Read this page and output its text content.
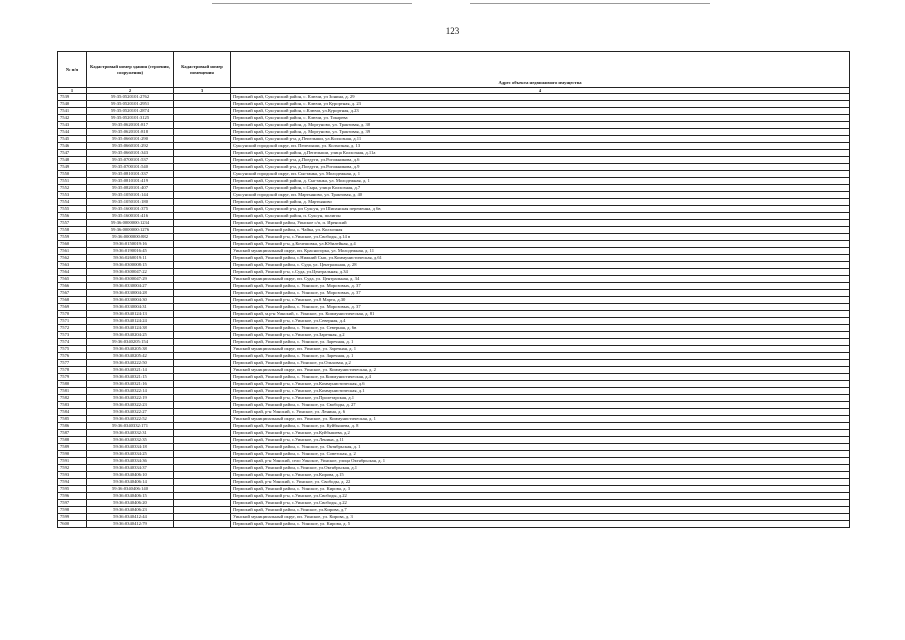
123
№ п/п	Кадастровый номер здания (строения, сооружения)	Кадастровый номер помещения	Адрес объекта недвижимого имущества
1	2	3	4
7539	59:35:0520101:2762		Пермский край, Суксунский район, с. Ключи, ул Зонина, д. 29
7540	59:35:0520101:2951		Пермский край, Суксунский район, с. Ключи, ул Курортная, д. 23
7541	59:35:0520101:2874		Пермский край, Суксунский район, с.Ключи, ул.Курортная, д.23
7542	59:35:0520101:3125		Пермский край, Суксунский район, с. Ключи, ул. Токарева
7543	59:35:0620101:817		Пермский край, Суксунский район, д. Моргуново, ул. Трактовая, д. 30
7544	59:35:0620101:818		Пермский край, Суксунский район, д. Моргуново, ул. Трактовая, д. 39
7545	59:35:0660101:290		Пермский край, Суксунский р-н, д.Пепелыши, ул.Колхозная, д.11
7546	59:35:0660101:292		Суксунский городской округ, пп. Пепелыши, ул. Колхозная, д. 13
7547	59:35:0660101:343		Пермский край, Суксунский район, д.Пепелыши, улица Колхозная, д.11а
7548	59:35:0700101:537		Пермский край, Суксунский р-н, д.Поедуги, ул.Рогожникова, д.6
7549	59:35:0700101:540		Пермский край, Суксунский р-н, д.Поедуги, ул.Рогожникова, д.9
7550	59:35:0810101:337		Суксунский городской округ, пп. Сыгтанка, ул. Молодежная, д. 1
7551	59:35:0810101:419		Пермский край, Суксунский район, д. Сыгтанка, ул. Молодежная, д. 1
7552	59:35:0820101:407		Пермский край, Суксунский район, с.Сыра, улица Колхозная, д.7
7553	59:35:1050101:144		Суксунский городской округ, пп. Мартьяново, ул. Трактовая, д. 40
7554	59:35:1050101:180		Пермский край, Суксунский район, д. Мартьяново
7555	59:35:1600101:375		Пермский край, Суксунский р-н, рп Суксун, ул Шипанская переменна, д 6в
7556	59:35:1600101:416		Пермский край, Суксунский район, п. Суксун, полигон
7557	59:36:0000000:1234		Пермский край, Уинский район, Уинское с/п, п. Иренский
7558	59:36:0000000:1276		Пермский край, Уинский район, с. Чайка, ул. Колхозная
7559	59:36:0000000:882		Пермский край, Уинский р-н, с.Уинское, ул.Свободы, д.14 в
7560	59:36:0150019:16		Пермский край, Уинский р-н, д.Кочешовка, ул.Юбилейная, д.4
7561	59:36:0190016:45		Уинский муниципальный округ, пп. Красногорка, ул. Молодежная, д. 11
7562	59:36:0260019:11		Пермский край, Уинский район, с.Нижний Сып, ул.Коммунистическая, д.61
7563	59:36:0300008:15		Пермский край, Уинский район, с. Суда, ул. Центральная, д. 28
7564	59:36:0300047:22		Пермский край, Уинский р-н, с.Суда, ул.Центральная, д.34
7565	59:36:0300047:29		Уинский муниципальный округ, пп. Суда, ул. Центральная, д. 34
7566	59:36:0330004:27		Пермский край, Уинский район, с. Уинское, ул. Морозовых, д. 37
7567	59:36:0330004:28		Пермский край, Уинский район, с. Уинское, ул. Морозовых, д. 37
7568	59:36:0330004:30		Пермский край, Уинский р-н, с.Уинское, ул.8 Марта, д.30
7569	59:36:0330004:31		Пермский край, Уинский район, с. Уинское, ул. Морозовых, д. 37
7570	59:36:0340124:13		Пермский край, м.р-н Уинский, с. Уинское, ул. Коммунистическая, д. 81
7571	59:36:0340124:24		Пермский край, Уинский р-н, с.Уинское, ул.Северная, д.4
7572	59:36:0340124:38		Пермский край, Уинский район, с. Уинское, ул. Северная, д. 6в
7573	59:36:0340204:25		Пермский край, Уинский р-н, с.Уинское, ул.Заречная, д.2
7574	59:36:0340205:154		Пермский край, Уинский район, с. Уинское, ул. Заречная, д. 1
7575	59:36:0340205:38		Уинский муниципальный округ, пп. Уинское, ул. Заречная, д. 1
7576	59:36:0340205:42		Пермский край, Уинский район, с. Уинское, ул. Заречная, д. 1
7577	59:36:0340222:50		Пермский край, Уинский район, с.Уинское, ул.Ольховая, д.2
7578	59:36:0340321:14		Уинский муниципальный округ, пп. Уинское, ул. Коммунистическая, д. 2
7579	59:36:0340321:15		Пермский край, Уинский район, с. Уинское, ул.Коммунистическая, д.4
7580	59:36:0340321:16		Пермский край, Уинский р-н, с.Уинское, ул.Коммунистическая, д.6
7581	59:36:0340322:14		Пермский край, Уинский р-н, с.Уинское, ул.Коммунистическая, д.1
7582	59:36:0340322:19		Пермский край, Уинский р-н, с.Уинское, ул.Пролетарская, д.1
7583	59:36:0340322:23		Пермский край, Уинский район, с. Уинское, ул. Свободы, д. 27
7584	59:36:0340322:27		Пермский край, р-н Уинский, с. Уинское, ул. Ленина, д. 6
7585	59:36:0340322:52		Уинский муниципальный округ, пп. Уинское, ул. Коммунистическая, д. 1
7586	59:36:0340332:171		Пермский край, Уинский район, с. Уинское, ул. Куйбышева, д. 8
7587	59:36:0340332:31		Пермский край, Уинский р-н, с.Уинское, ул.Куйбышева, д.2
7588	59:36:0340332:35		Пермский край, Уинский р-н, с.Уинское, ул.Ленина, д.11
7589	59:36:0340334:18		Пермский край, Уинский район, с. Уинское, ул. Октябрьская, д. 1
7590	59:36:0340334:25		Пермский край, Уинский район, с. Уинское, ул. Советская, д. 2
7591	59:36:0340334:36		Пермский край, р-н Уинский, село Уинское, Уинское, улица Октябрьская, д. 1
7592	59:36:0340334:37		Пермский край, Уинский район, с.Уинское, ул.Октябрьская, д.1
7593	59:36:0340406:10		Пермский край, Уинский р-н, с.Уинское, ул.Кирова, д.15
7594	59:36:0340406:14		Пермский край, р-н Уинский, с. Уинское, ул. Свободы, д. 22
7595	59:36:0340406:140		Пермский край, Уинский район, с. Уинское, ул. Кирова, д. 3
7596	59:36:0340406:15		Пермский край, Уинский р-н, с.Уинское, ул.Свободы, д.22
7597	59:36:0340406:20		Пермский край, Уинский р-н, с.Уинское, ул.Свободы, д.22
7598	59:36:0340406:23		Пермский край, Уинский район, с.Уинское, ул.Кирова, д.7
7599	59:36:0340412:44		Уинский муниципальный округ, пп. Уинское, ул. Кирова, д. 3
7600	59:36:0340412:79		Пермский край, Уинский район, с. Уинское, ул. Кирова, д. 5
